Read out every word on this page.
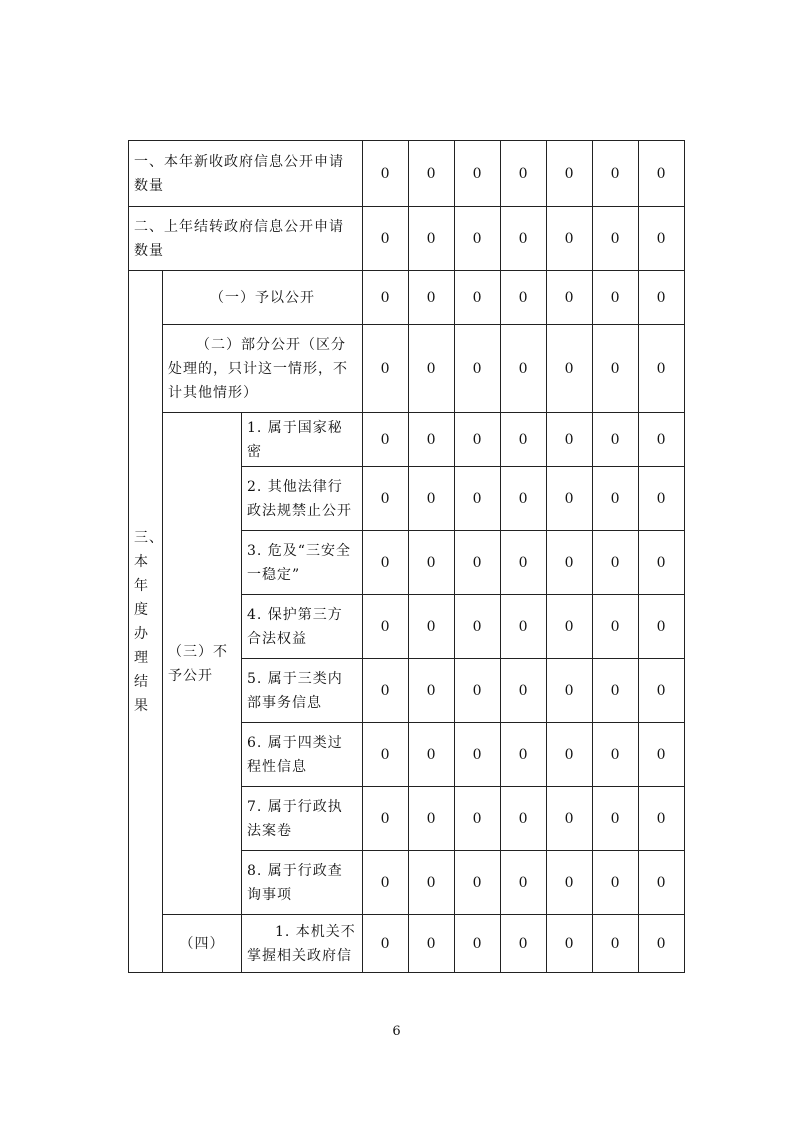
一、本年新收政府信息公开申请数量			0	0	0	0	0	0	0
二、上年结转政府信息公开申请数量			0	0	0	0	0	0	0
三、本年度办理结果	（一）予以公开		0	0	0	0	0	0	0
	（二）部分公开（区分处理的，只计这一情形，不计其他情形）		0	0	0	0	0	0	0
	（三）不予公开	1. 属于国家秘密	0	0	0	0	0	0	0
		2. 其他法律行政法规禁止公开	0	0	0	0	0	0	0
		3. 危及“三安全一稳定”	0	0	0	0	0	0	0
		4. 保护第三方合法权益	0	0	0	0	0	0	0
		5. 属于三类内部事务信息	0	0	0	0	0	0	0
		6. 属于四类过程性信息	0	0	0	0	0	0	0
		7. 属于行政执法案卷	0	0	0	0	0	0	0
		8. 属于行政查询事项	0	0	0	0	0	0	0
	（四）	1. 本机关不掌握相关政府信	0	0	0	0	0	0	0
6
